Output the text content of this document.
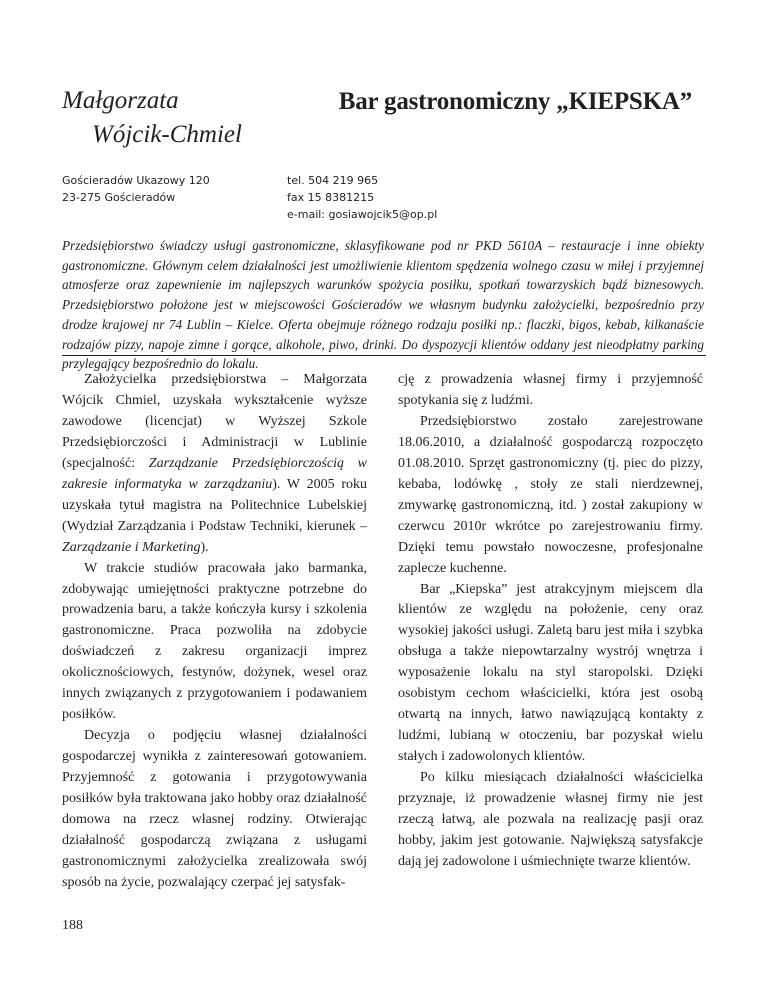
Małgorzata
Wójcik-Chmiel
Bar gastronomiczny „KIEPSKA”
Gościeradów Ukazowy 120
23-275 Gościeradów
tel. 504 219 965
fax 15 8381215
e-mail: gosiawojcik5@op.pl
Przedsiębiorstwo świadczy usługi gastronomiczne, sklasyfikowane pod nr PKD 5610A – restauracje i inne obiekty gastronomiczne. Głównym celem działalności jest umożliwienie klientom spędzenia wolnego czasu w miłej i przyjemnej atmosferze oraz zapewnienie im najlepszych warunków spożycia posiłku, spotkań towarzyskich bądź biznesowych. Przedsiębiorstwo położone jest w miejscowości Gościeradów we własnym budynku założycielki, bezpośrednio przy drodze krajowej nr 74 Lublin – Kielce. Oferta obejmuje różnego rodzaju posiłki np.: flaczki, bigos, kebab, kilkanaście rodzajów pizzy, napoje zimne i gorące, alkohole, piwo, drinki. Do dyspozycji klientów oddany jest nieodpłatny parking przylegający bezpośrednio do lokalu.

Założycielka przedsiębiorstwa – Małgorzata Wójcik Chmiel, uzyskała wykształcenie wyższe zawodowe (licencjat) w Wyższej Szkole Przedsiębiorczości i Administracji w Lublinie (specjalność: Zarządzanie Przedsiębiorczością w zakresie informatyka w zarządzaniu). W 2005 roku uzyskała tytuł magistra na Politechnice Lubelskiej (Wydział Zarządzania i Podstaw Techniki, kierunek – Zarządzanie i Marketing).

W trakcie studiów pracowała jako barmanka, zdobywając umiejętności praktyczne potrzebne do prowadzenia baru, a także kończyła kursy i szkolenia gastronomiczne. Praca pozwoliła na zdobycie doświadczeń z zakresu organizacji imprez okolicznościowych, festynów, dożynek, wesel oraz innych związanych z przygotowaniem i podawaniem posiłków.

Decyzja o podjęciu własnej działalności gospodarczej wynikła z zainteresowań gotowaniem. Przyjemność z gotowania i przygotowywania posiłków była traktowana jako hobby oraz działalność domowa na rzecz własnej rodziny. Otwierając działalność gospodarczą związana z usługami gastronomicznymi założycielka zrealizowała swój sposób na życie, pozwalający czerpać jej satysfak-

cję z prowadzenia własnej firmy i przyjemność spotykania się z ludźmi.

Przedsiębiorstwo zostało zarejestrowane 18.06.2010, a działalność gospodarczą rozpoczęto 01.08.2010. Sprzęt gastronomiczny (tj. piec do pizzy, kebaba, lodówkę , stoły ze stali nierdzewnej, zmywarkę gastronomiczną, itd. ) został zakupiony w czerwcu 2010r wkrótce po zarejestrowaniu firmy. Dzięki temu powstało nowoczesne, profesjonalne zaplecze kuchenne.

Bar „Kiepska” jest atrakcyjnym miejscem dla klientów ze względu na położenie, ceny oraz wysokiej jakości usługi. Zaletą baru jest miła i szybka obsługa a także niepowtarzalny wystrój wnętrza i wyposażenie lokalu na styl staropolski. Dzięki osobistym cechom właścicielki, która jest osobą otwartą na innych, łatwo nawiązującą kontakty z ludźmi, lubianą w otoczeniu, bar pozyskał wielu stałych i zadowolonych klientów.

Po kilku miesiącach działalności właścicielka przyznaje, iż prowadzenie własnej firmy nie jest rzeczą łatwą, ale pozwala na realizację pasji oraz hobby, jakim jest gotowanie. Największą satysfakcje dają jej zadowolone i uśmiechnięte twarze klientów.

188
